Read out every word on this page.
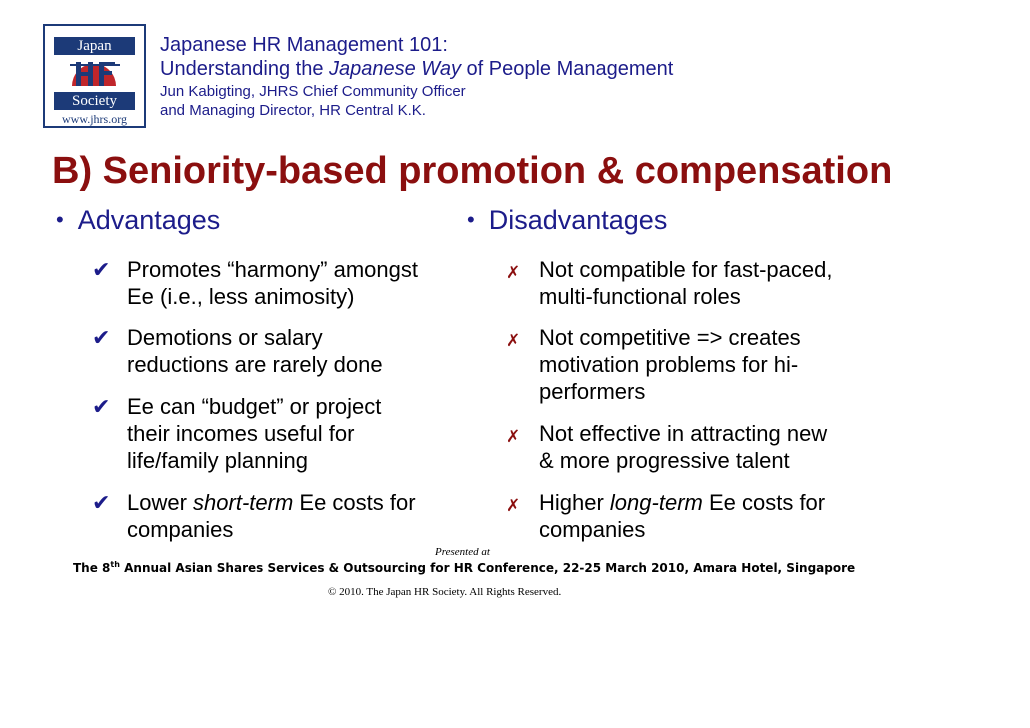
Japan
Society
www.jhrs.org
Japanese HR Management 101:
Understanding the Japanese Way of People Management
Jun Kabigting, JHRS Chief Community Officer
and Managing Director, HR Central K.K.
B) Seniority-based promotion & compensation
• Advantages	• Disadvantages
✔ Promotes “harmony” amongst
Ee (i.e., less animosity)
✔ Demotions or salary
reductions are rarely done
✔ Ee can “budget” or project
their incomes useful for
life/family planning
✔ Lower short-term Ee costs for
companies
✗ Not compatible for fast-paced,
multi-functional roles
✗ Not competitive => creates
motivation problems for hi-
performers
✗ Not effective in attracting new
& more progressive talent
✗ Higher long-term Ee costs for
companies
Presented at
The 8th Annual Asian Shares Services & Outsourcing for HR Conference, 22-25 March 2010, Amara Hotel, Singapore
© 2010. The Japan HR Society. All Rights Reserved.
